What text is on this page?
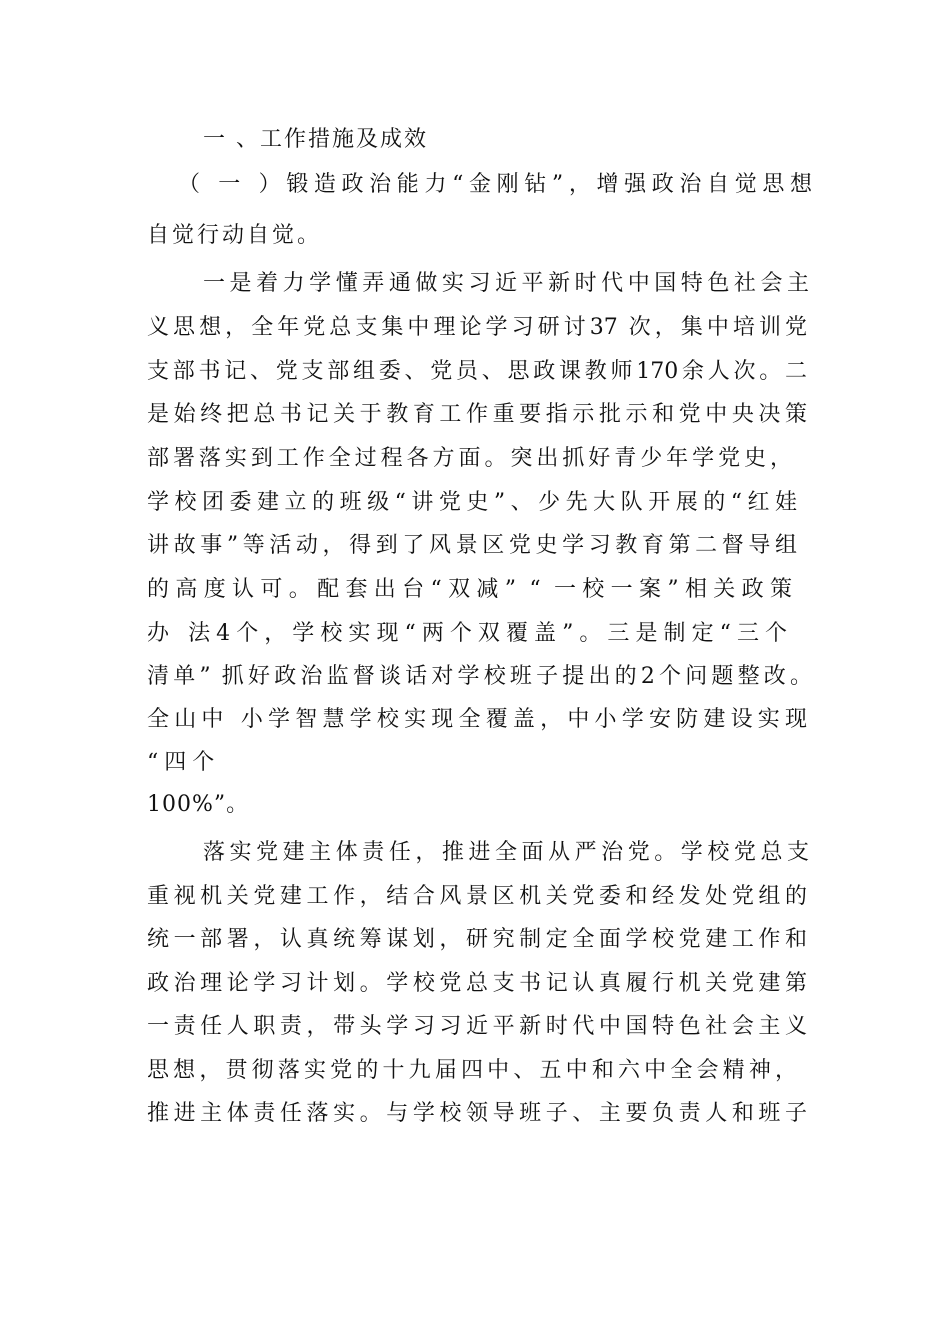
一 、工作措施及成效
（ 一 ）锻造政治能力“金刚钻”，增强政治自觉思想
自觉行动自觉。
一是着力学懂弄通做实习近平新时代中国特色社会主
义思想，全年党总支集中理论学习研讨37 次，集中培训党
支部书记、党支部组委、党员、思政课教师170余人次。二
是始终把总书记关于教育工作重要指示批示和党中央决策
部署落实到工作全过程各方面。突出抓好青少年学党史，
学校团委建立的班级“讲党史”、少先大队开展的“红娃
讲故事”等活动，得到了风景区党史学习教育第二督导组
的高度认可。配套出台“双减” “ 一校一案”相关政策
办 法4个，学校实现“两个双覆盖”。三是制定“三个
清单” 抓好政治监督谈话对学校班子提出的2个问题整改。
全山中 小学智慧学校实现全覆盖，中小学安防建设实现
“四个
100%”。
落实党建主体责任，推进全面从严治党。学校党总支
重视机关党建工作，结合风景区机关党委和经发处党组的
统一部署，认真统筹谋划，研究制定全面学校党建工作和
政治理论学习计划。学校党总支书记认真履行机关党建第
一责任人职责，带头学习习近平新时代中国特色社会主义
思想，贯彻落实党的十九届四中、五中和六中全会精神，
推进主体责任落实。与学校领导班子、主要负责人和班子
